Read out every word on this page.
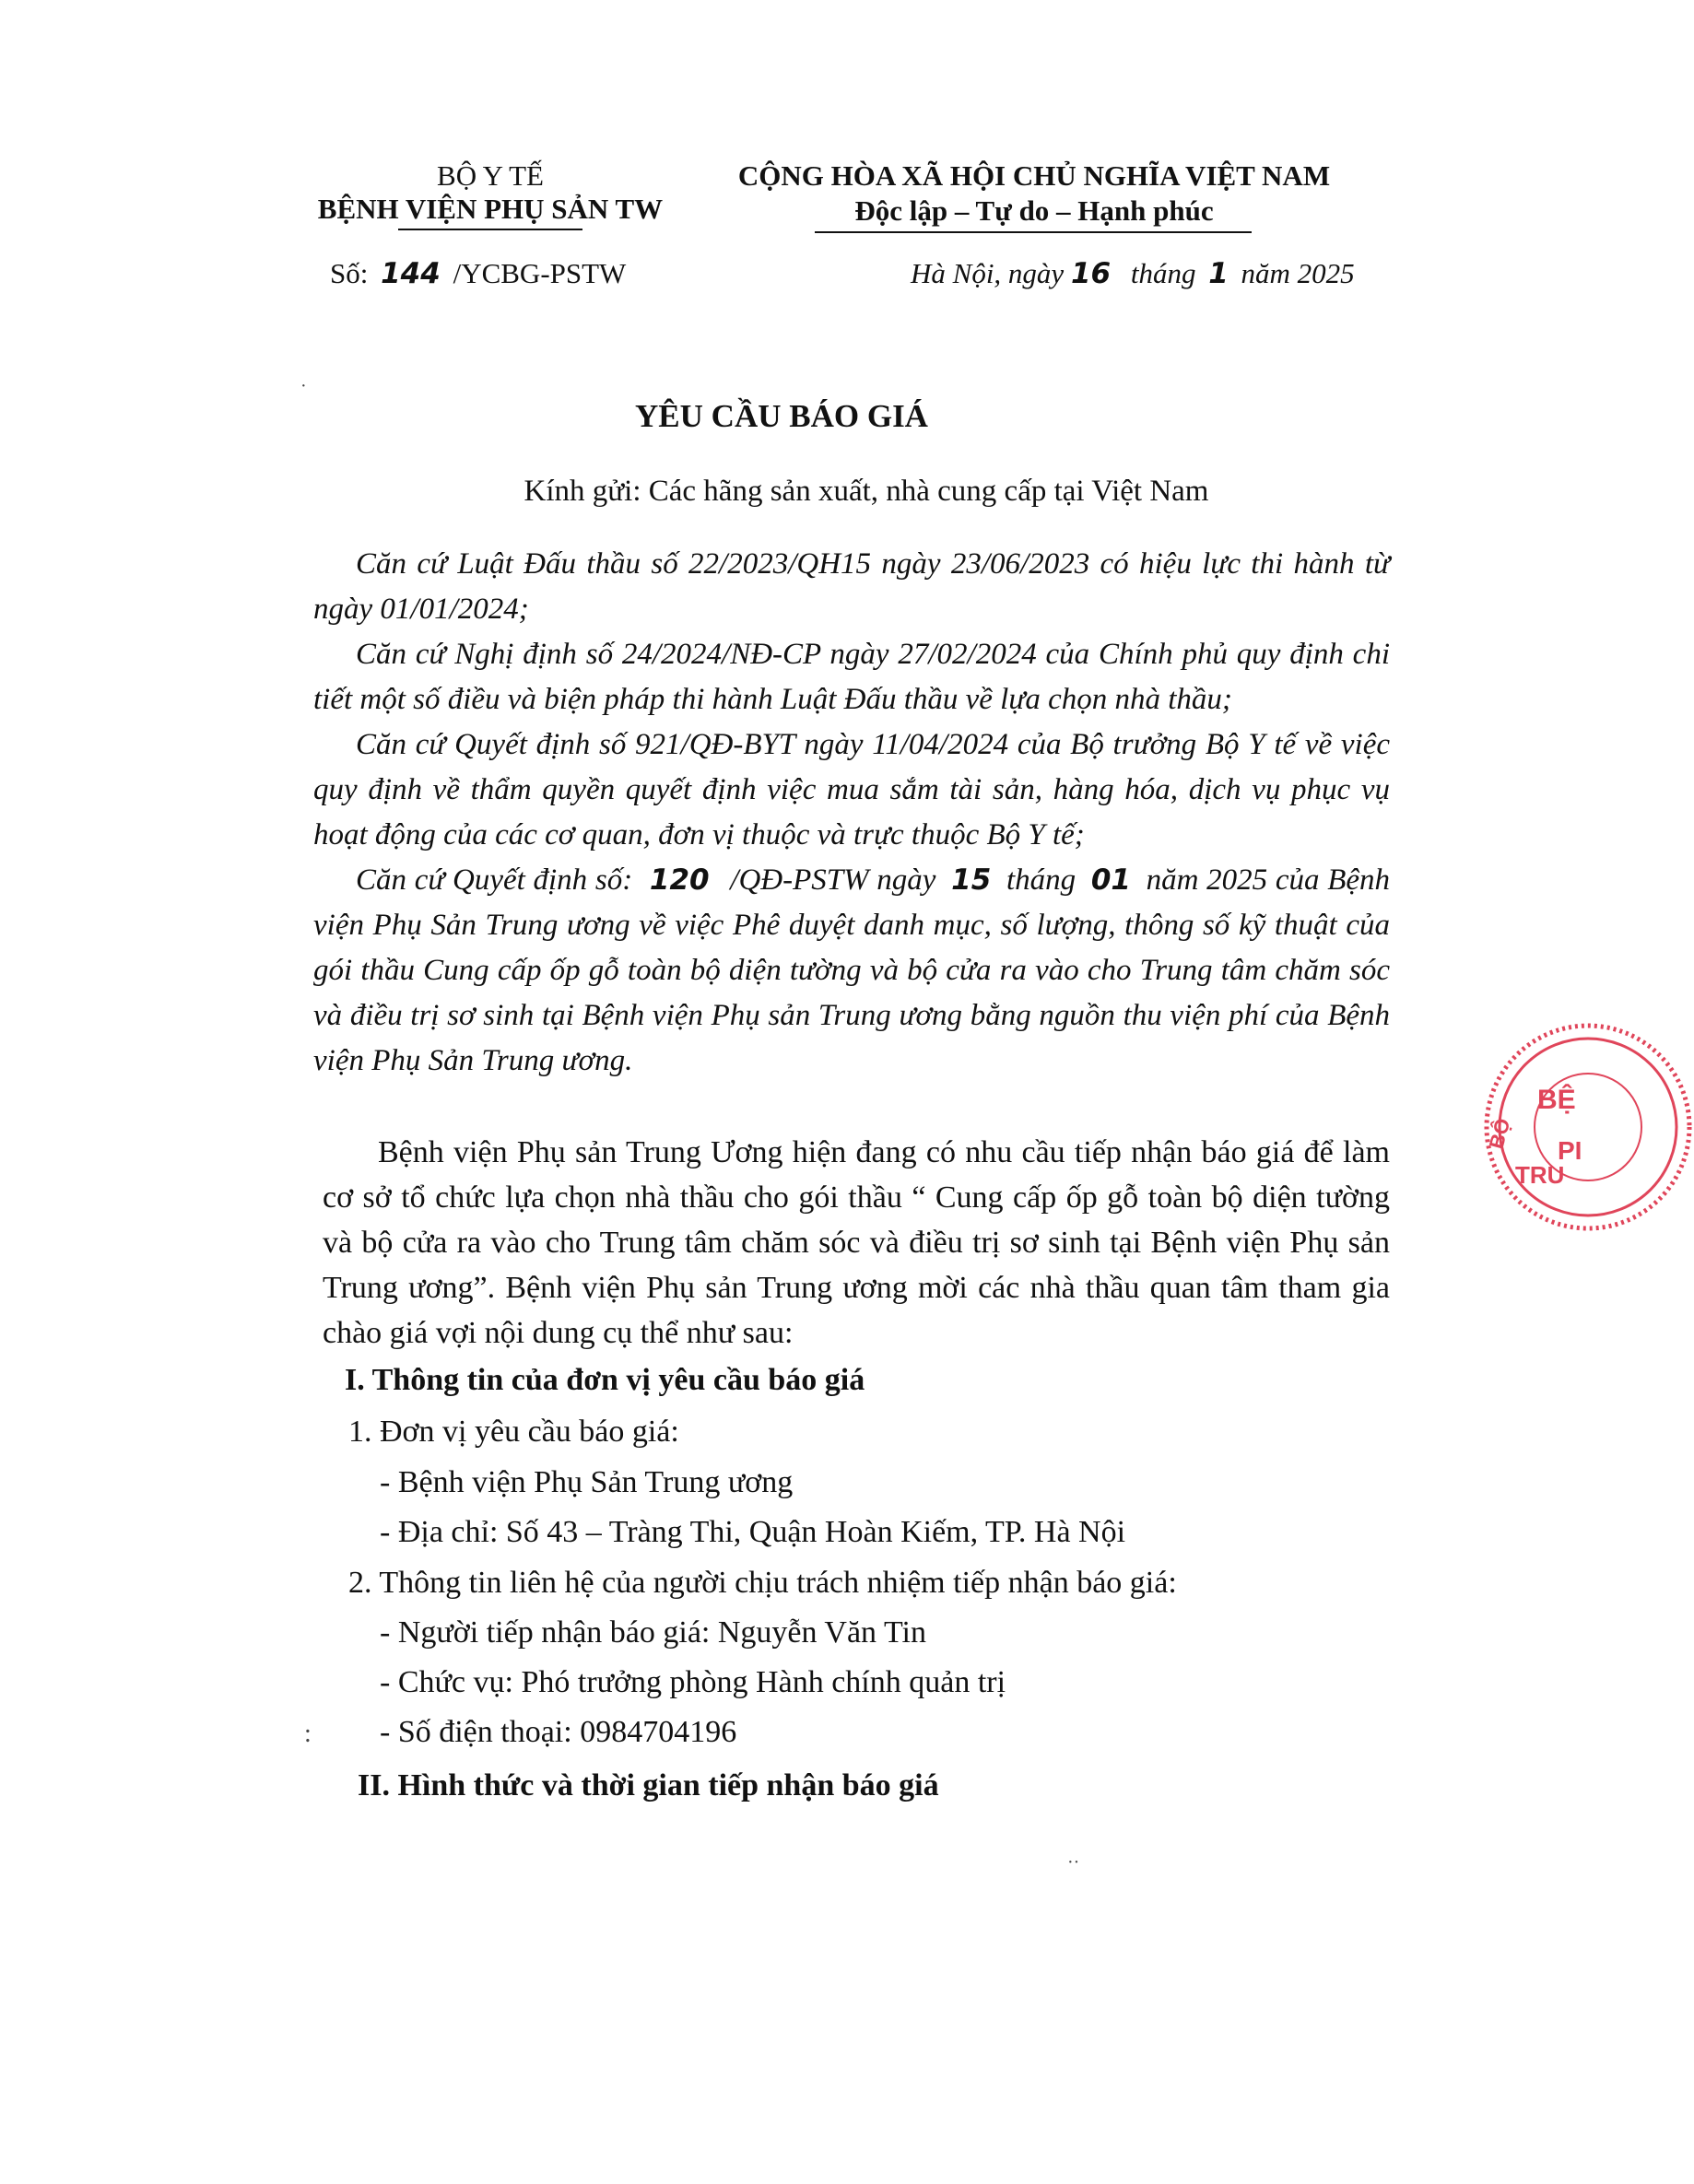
BỘ Y TẾ
BỆNH VIỆN PHỤ SẢN TW
Số: 144 /YCBG-PSTW
CỘNG HÒA XÃ HỘI CHỦ NGHĨA VIỆT NAM
Độc lập – Tự do – Hạnh phúc
Hà Nội, ngày 16 tháng 1 năm 2025
·
YÊU CẦU BÁO GIÁ
Kính gửi: Các hãng sản xuất, nhà cung cấp tại Việt Nam

Căn cứ Luật Đấu thầu số 22/2023/QH15 ngày 23/06/2023 có hiệu lực thi hành từ ngày 01/01/2024;

Căn cứ Nghị định số 24/2024/NĐ-CP ngày 27/02/2024 của Chính phủ quy định chi tiết một số điều và biện pháp thi hành Luật Đấu thầu về lựa chọn nhà thầu;

Căn cứ Quyết định số 921/QĐ-BYT ngày 11/04/2024 của Bộ trưởng Bộ Y tế về việc quy định về thẩm quyền quyết định việc mua sắm tài sản, hàng hóa, dịch vụ phục vụ hoạt động của các cơ quan, đơn vị thuộc và trực thuộc Bộ Y tế;

Căn cứ Quyết định số: 120 /QĐ-PSTW ngày 15 tháng 01 năm 2025 của Bệnh viện Phụ Sản Trung ương về việc Phê duyệt danh mục, số lượng, thông số kỹ thuật của gói thầu Cung cấp ốp gỗ toàn bộ diện tường và bộ cửa ra vào cho Trung tâm chăm sóc và điều trị sơ sinh tại Bệnh viện Phụ sản Trung ương bằng nguồn thu viện phí của Bệnh viện Phụ Sản Trung ương.

Bệnh viện Phụ sản Trung Ương hiện đang có nhu cầu tiếp nhận báo giá để làm cơ sở tổ chức lựa chọn nhà thầu cho gói thầu “ Cung cấp ốp gỗ toàn bộ diện tường và bộ cửa ra vào cho Trung tâm chăm sóc và điều trị sơ sinh tại Bệnh viện Phụ sản Trung ương”. Bệnh viện Phụ sản Trung ương mời các nhà thầu quan tâm tham gia chào giá vợi nội dung cụ thể như sau:

I. Thông tin của đơn vị yêu cầu báo giá
1. Đơn vị yêu cầu báo giá:
- Bệnh viện Phụ Sản Trung ương
- Địa chỉ: Số 43 – Tràng Thi, Quận Hoàn Kiếm, TP. Hà Nội
2. Thông tin liên hệ của người chịu trách nhiệm tiếp nhận báo giá:
- Người tiếp nhận báo giá: Nguyễn Văn Tin
- Chức vụ: Phó trưởng phòng Hành chính quản trị
- Số điện thoại: 0984704196
:
II. Hình thức và thời gian tiếp nhận báo giá
··
BỆ
PI
TRU
BỘ
